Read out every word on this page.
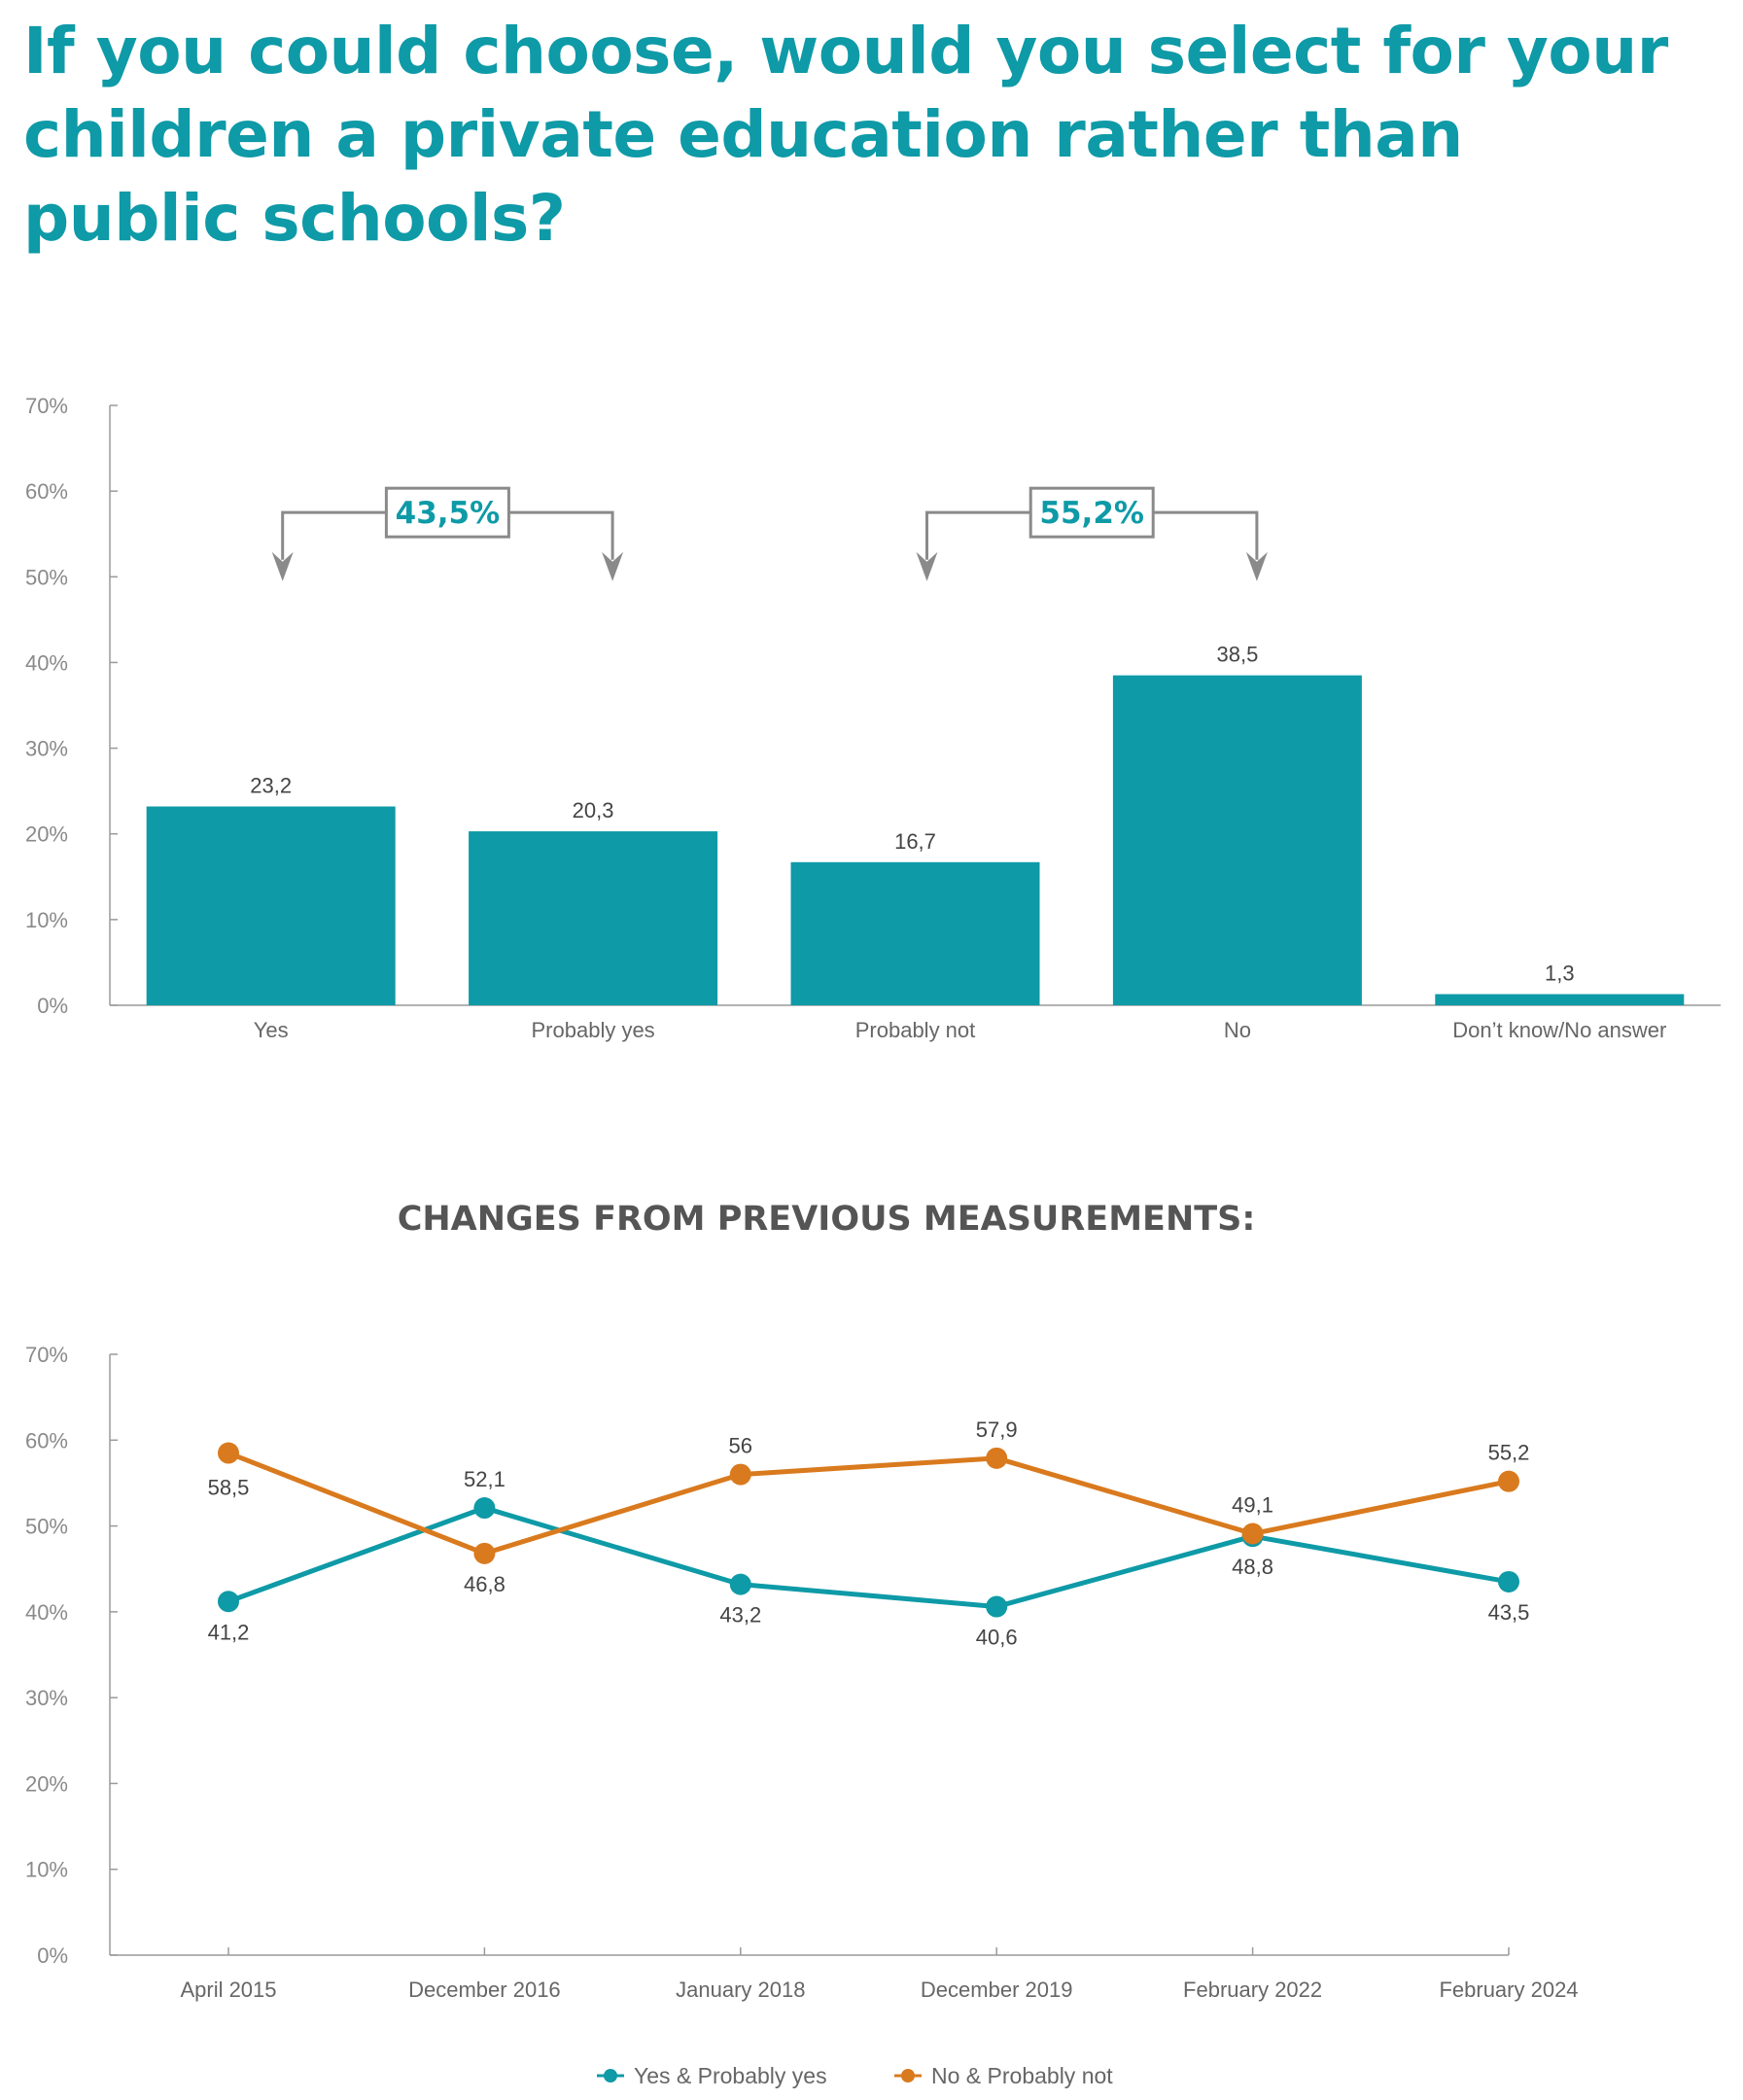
If you could choose, would you select for your children a private education rather than public schools?
CHANGES FROM PREVIOUS MEASUREMENTS:
0%
10%
20%
30%
40%
50%
60%
70%
23,2
Yes
20,3
Probably yes
16,7
Probably not
38,5
No
1,3
Don’t know/No answer
43,5%	55,2%
0%
10%
20%
30%
40%
50%
60%
70%
April 2015	December 2016	January 2018	December 2019	February 2022	February 2024
41,2
52,1
43,2
40,6
48,8
43,5
58,5
46,8
56
57,9
49,1
55,2
Yes & Probably yes	No & Probably not
